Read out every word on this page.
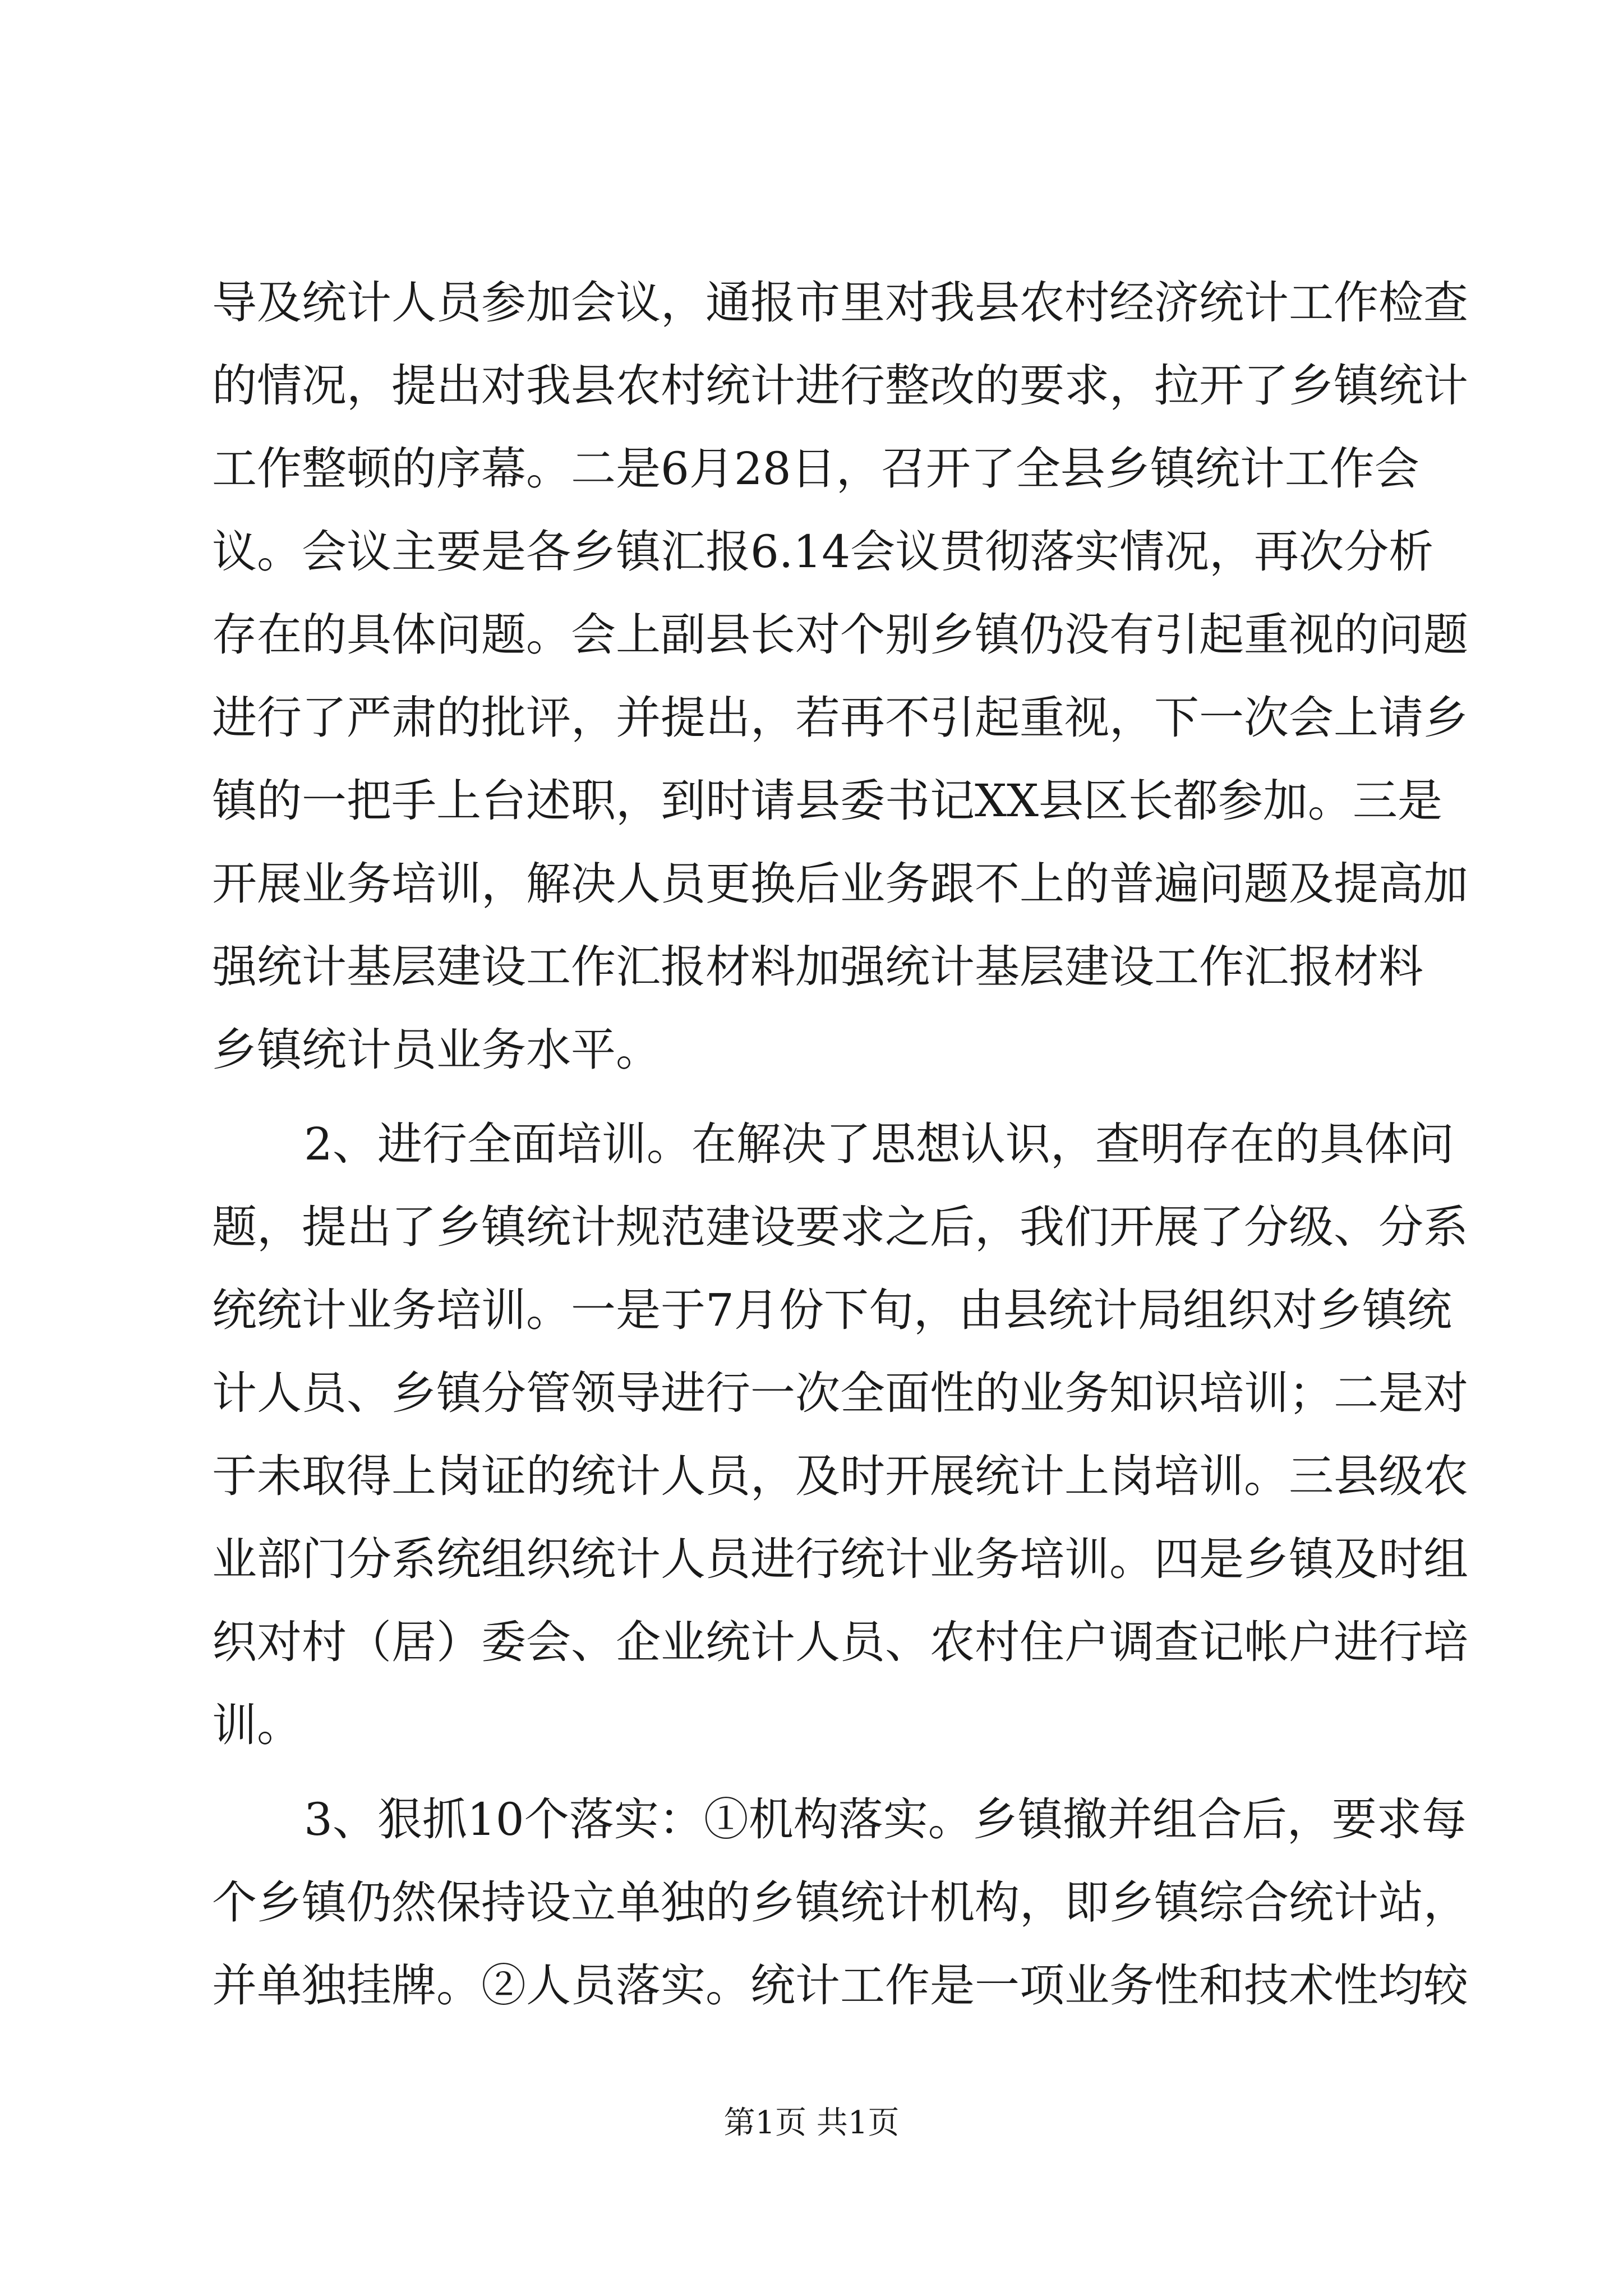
导及统计人员参加会议，通报市里对我县农村经济统计工作检查
的情况，提出对我县农村统计进行整改的要求，拉开了乡镇统计
工作整顿的序幕。二是6月28日，召开了全县乡镇统计工作会
议。会议主要是各乡镇汇报6.14会议贯彻落实情况，再次分析
存在的具体问题。会上副县长对个别乡镇仍没有引起重视的问题
进行了严肃的批评，并提出，若再不引起重视，下一次会上请乡
镇的一把手上台述职，到时请县委书记XX县区长都参加。三是
开展业务培训，解决人员更换后业务跟不上的普遍问题及提高加
强统计基层建设工作汇报材料加强统计基层建设工作汇报材料
乡镇统计员业务水平。
2、进行全面培训。在解决了思想认识，查明存在的具体问
题，提出了乡镇统计规范建设要求之后，我们开展了分级、分系
统统计业务培训。一是于7月份下旬，由县统计局组织对乡镇统
计人员、乡镇分管领导进行一次全面性的业务知识培训；二是对
于未取得上岗证的统计人员，及时开展统计上岗培训。三县级农
业部门分系统组织统计人员进行统计业务培训。四是乡镇及时组
织对村（居）委会、企业统计人员、农村住户调查记帐户进行培
训。
3、狠抓10个落实：①机构落实。乡镇撤并组合后，要求每
个乡镇仍然保持设立单独的乡镇统计机构，即乡镇综合统计站，
并单独挂牌。②人员落实。统计工作是一项业务性和技术性均较
第1页 共1页
